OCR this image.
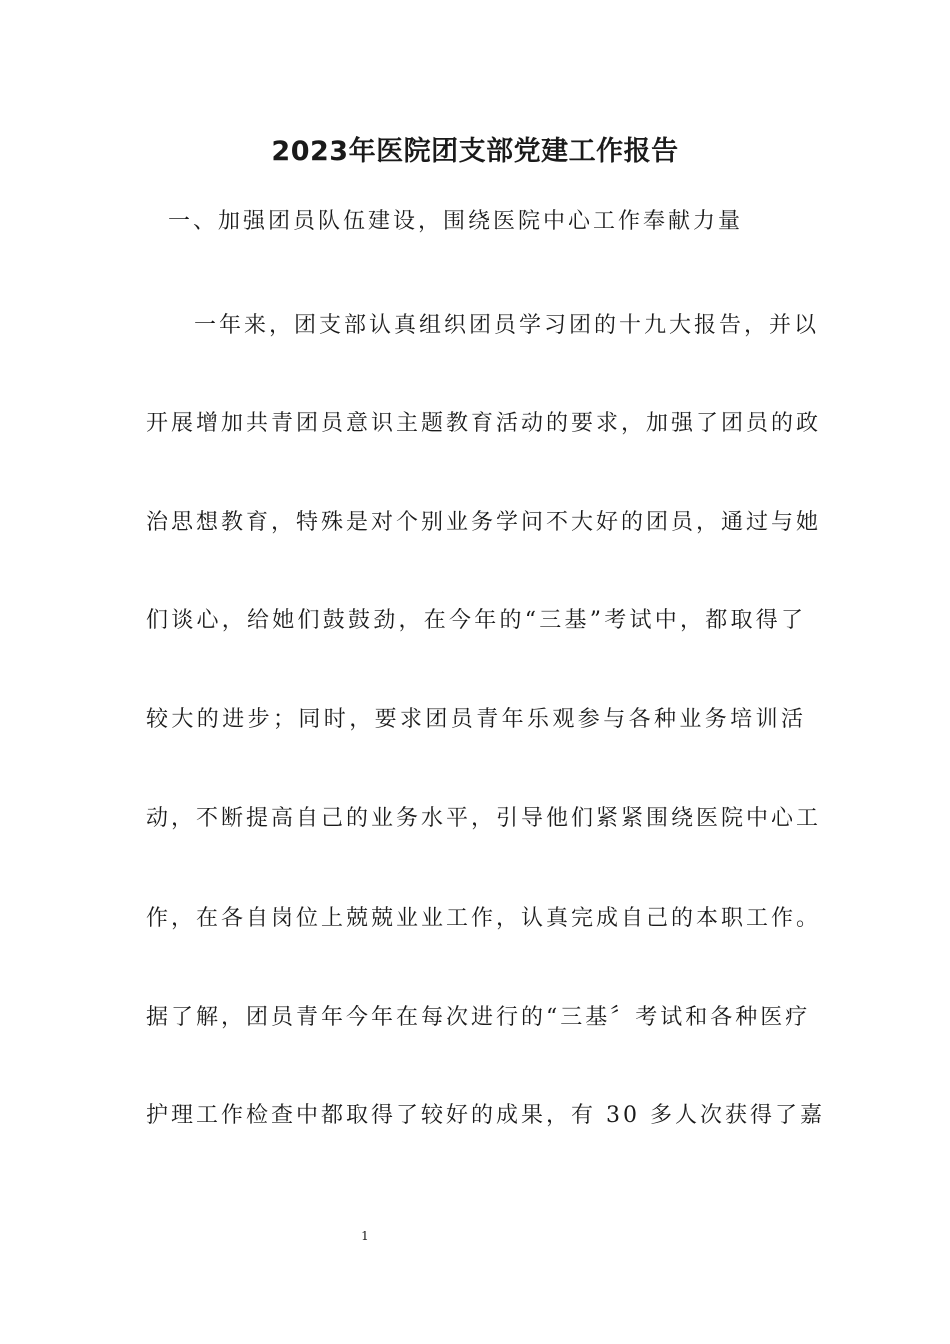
2023年医院团支部党建工作报告
一、加强团员队伍建设，围绕医院中心工作奉献力量
一年来，团支部认真组织团员学习团的十九大报告，并以
开展增加共青团员意识主题教育活动的要求，加强了团员的政
治思想教育，特殊是对个别业务学问不大好的团员，通过与她
们谈心，给她们鼓鼓劲，在今年的“三基”考试中，都取得了
较大的进步；同时，要求团员青年乐观参与各种业务培训活
动，不断提高自己的业务水平，引导他们紧紧围绕医院中心工
作，在各自岗位上兢兢业业工作，认真完成自己的本职工作。
据了解，团员青年今年在每次进行的“三基〞考试和各种医疗
护理工作检查中都取得了较好的成果，有 30 多人次获得了嘉
1
